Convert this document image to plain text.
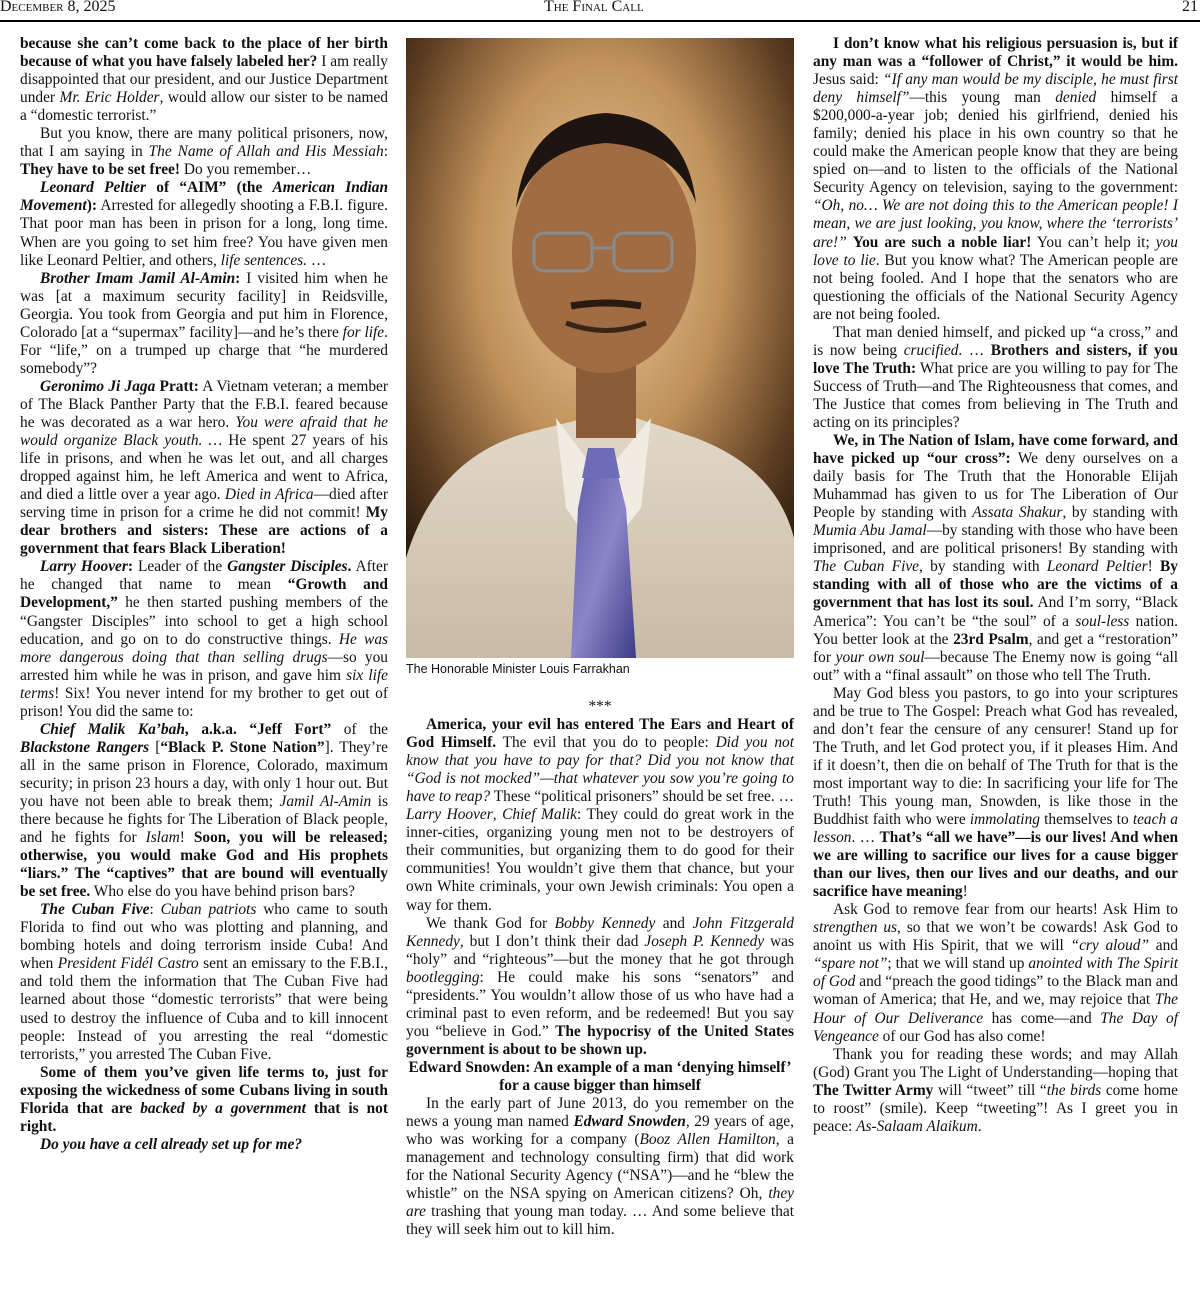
December 8, 2025	The Final Call	21

because she can’t come back to the place of her birth because of what you have falsely labeled her? I am really disappointed that our president, and our Justice Department under Mr. Eric Holder, would allow our sister to be named a “domestic terrorist.”

But you know, there are many political prisoners, now, that I am saying in The Name of Allah and His Messiah: They have to be set free! Do you remember…

Leonard Peltier of “AIM” (the American Indian Movement): Arrested for allegedly shooting a F.B.I. figure. That poor man has been in prison for a long, long time. When are you going to set him free? You have given men like Leonard Peltier, and others, life sentences. …

Brother Imam Jamil Al-Amin: I visited him when he was [at a maximum security facility] in Reidsville, Georgia. You took from Georgia and put him in Florence, Colorado [at a “supermax” facility]—and he’s there for life. For “life,” on a trumped up charge that “he murdered somebody”?

Geronimo Ji Jaga Pratt: A Vietnam veteran; a member of The Black Panther Party that the F.B.I. feared because he was decorated as a war hero. You were afraid that he would organize Black youth. … He spent 27 years of his life in prisons, and when he was let out, and all charges dropped against him, he left America and went to Africa, and died a little over a year ago. Died in Africa—died after serving time in prison for a crime he did not commit! My dear brothers and sisters: These are actions of a government that fears Black Liberation!

Larry Hoover: Leader of the Gangster Disciples. After he changed that name to mean “Growth and Development,” he then started pushing members of the “Gangster Disciples” into school to get a high school education, and go on to do constructive things. He was more dangerous doing that than selling drugs—so you arrested him while he was in prison, and gave him six life terms! Six! You never intend for my brother to get out of prison! You did the same to:

Chief Malik Ka’bah, a.k.a. “Jeff Fort” of the Blackstone Rangers [“Black P. Stone Nation”]. They’re all in the same prison in Florence, Colorado, maximum security; in prison 23 hours a day, with only 1 hour out. But you have not been able to break them; Jamil Al-Amin is there because he fights for The Liberation of Black people, and he fights for Islam! Soon, you will be released; otherwise, you would make God and His prophets “liars.” The “captives” that are bound will eventually be set free. Who else do you have behind prison bars?

The Cuban Five: Cuban patriots who came to south Florida to find out who was plotting and planning, and bombing hotels and doing terrorism inside Cuba! And when President Fidél Castro sent an emissary to the F.B.I., and told them the information that The Cuban Five had learned about those “domestic terrorists” that were being used to destroy the influence of Cuba and to kill innocent people: Instead of you arresting the real “domestic terrorists,” you arrested The Cuban Five.

Some of them you’ve given life terms to, just for exposing the wickedness of some Cubans living in south Florida that are backed by a government that is not right.

Do you have a cell already set up for me?

The Honorable Minister Louis Farrakhan

***

America, your evil has entered The Ears and Heart of God Himself. The evil that you do to people: Did you not know that you have to pay for that? Did you not know that “God is not mocked”—that whatever you sow you’re going to have to reap? These “political prisoners” should be set free. … Larry Hoover, Chief Malik: They could do great work in the inner-cities, organizing young men not to be destroyers of their communities, but organizing them to do good for their communities! You wouldn’t give them that chance, but your own White criminals, your own Jewish criminals: You open a way for them.

We thank God for Bobby Kennedy and John Fitzgerald Kennedy, but I don’t think their dad Joseph P. Kennedy was “holy” and “righteous”—but the money that he got through bootlegging: He could make his sons “senators” and “presidents.” You wouldn’t allow those of us who have had a criminal past to even reform, and be redeemed! But you say you “believe in God.” The hypocrisy of the United States government is about to be shown up.

Edward Snowden: An example of a man ‘denying himself’ for a cause bigger than himself

In the early part of June 2013, do you remember on the news a young man named Edward Snowden, 29 years of age, who was working for a company (Booz Allen Hamilton, a management and technology consulting firm) that did work for the National Security Agency (“NSA”)—and he “blew the whistle” on the NSA spying on American citizens? Oh, they are trashing that young man today. … And some believe that they will seek him out to kill him.

I don’t know what his religious persuasion is, but if any man was a “follower of Christ,” it would be him. Jesus said: “If any man would be my disciple, he must first deny himself”—this young man denied himself a $200,000-a-year job; denied his girlfriend, denied his family; denied his place in his own country so that he could make the American people know that they are being spied on—and to listen to the officials of the National Security Agency on television, saying to the government: “Oh, no… We are not doing this to the American people! I mean, we are just looking, you know, where the ‘terrorists’ are!” You are such a noble liar! You can’t help it; you love to lie. But you know what? The American people are not being fooled. And I hope that the senators who are questioning the officials of the National Security Agency are not being fooled.

That man denied himself, and picked up “a cross,” and is now being crucified. … Brothers and sisters, if you love The Truth: What price are you willing to pay for The Success of Truth—and The Righteousness that comes, and The Justice that comes from believing in The Truth and acting on its principles?

We, in The Nation of Islam, have come forward, and have picked up “our cross”: We deny ourselves on a daily basis for The Truth that the Honorable Elijah Muhammad has given to us for The Liberation of Our People by standing with Assata Shakur, by standing with Mumia Abu Jamal—by standing with those who have been imprisoned, and are political prisoners! By standing with The Cuban Five, by standing with Leonard Peltier! By standing with all of those who are the victims of a government that has lost its soul. And I’m sorry, “Black America”: You can’t be “the soul” of a soul-less nation. You better look at the 23rd Psalm, and get a “restoration” for your own soul—because The Enemy now is going “all out” with a “final assault” on those who tell The Truth.

May God bless you pastors, to go into your scriptures and be true to The Gospel: Preach what God has revealed, and don’t fear the censure of any censurer! Stand up for The Truth, and let God protect you, if it pleases Him. And if it doesn’t, then die on behalf of The Truth for that is the most important way to die: In sacrificing your life for The Truth! This young man, Snowden, is like those in the Buddhist faith who were immolating themselves to teach a lesson. … That’s “all we have”—is our lives! And when we are willing to sacrifice our lives for a cause bigger than our lives, then our lives and our deaths, and our sacrifice have meaning!

Ask God to remove fear from our hearts! Ask Him to strengthen us, so that we won’t be cowards! Ask God to anoint us with His Spirit, that we will “cry aloud” and “spare not”; that we will stand up anointed with The Spirit of God and “preach the good tidings” to the Black man and woman of America; that He, and we, may rejoice that The Hour of Our Deliverance has come—and The Day of Vengeance of our God has also come!

Thank you for reading these words; and may Allah (God) Grant you The Light of Understanding—hoping that The Twitter Army will “tweet” till “the birds come home to roost” (smile). Keep “tweeting”! As I greet you in peace: As-Salaam Alaikum.
